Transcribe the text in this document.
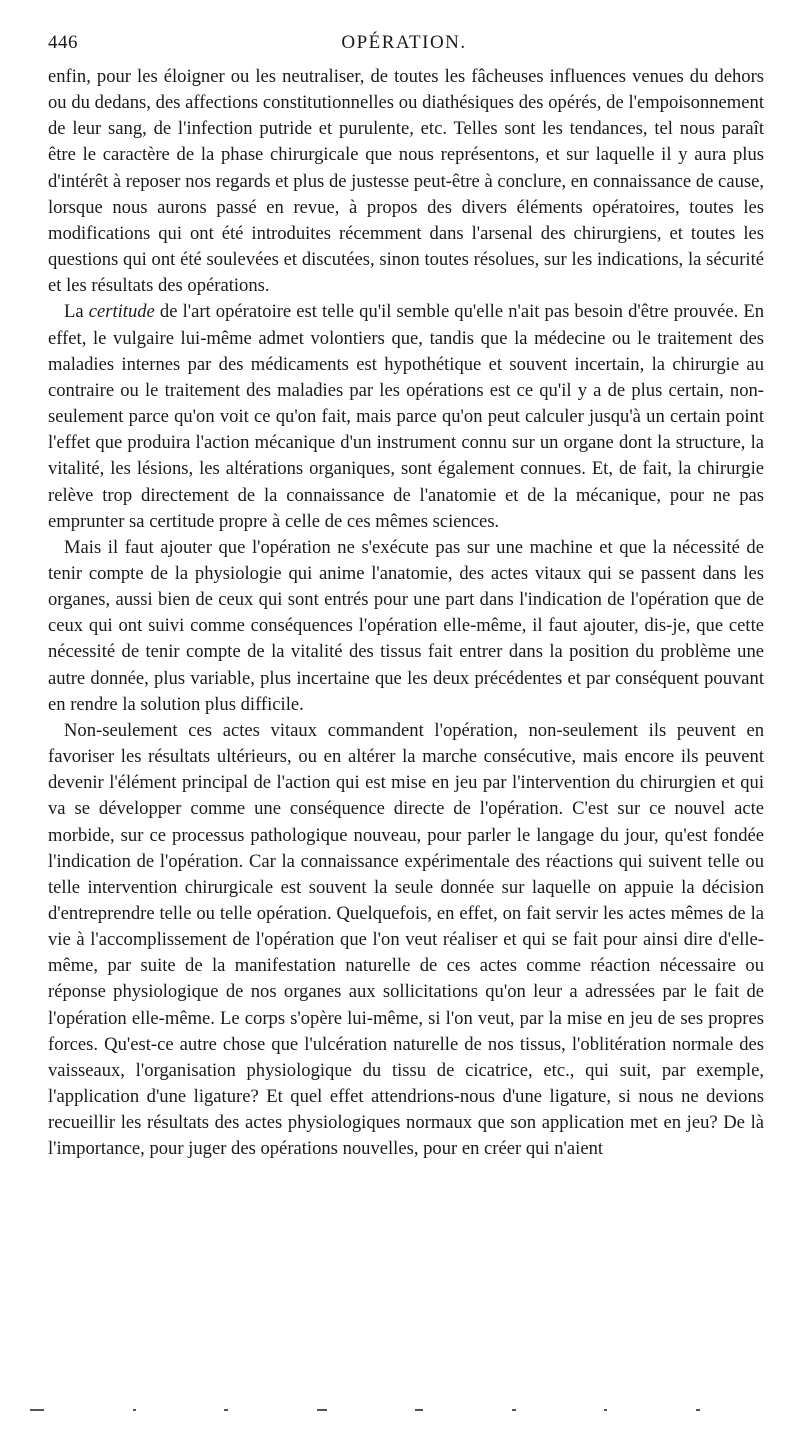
446	OPÉRATION.

enfin, pour les éloigner ou les neutraliser, de toutes les fâcheuses influences venues du dehors ou du dedans, des affections constitutionnelles ou diathésiques des opérés, de l'empoisonnement de leur sang, de l'infection putride et purulente, etc. Telles sont les tendances, tel nous paraît être le caractère de la phase chirurgicale que nous représentons, et sur laquelle il y aura plus d'intérêt à reposer nos regards et plus de justesse peut-être à conclure, en connaissance de cause, lorsque nous aurons passé en revue, à propos des divers éléments opératoires, toutes les modifications qui ont été introduites récemment dans l'arsenal des chirurgiens, et toutes les questions qui ont été soulevées et discutées, sinon toutes résolues, sur les indications, la sécurité et les résultats des opérations.

La certitude de l'art opératoire est telle qu'il semble qu'elle n'ait pas besoin d'être prouvée. En effet, le vulgaire lui-même admet volontiers que, tandis que la médecine ou le traitement des maladies internes par des médicaments est hypothétique et souvent incertain, la chirurgie au contraire ou le traitement des maladies par les opérations est ce qu'il y a de plus certain, non-seulement parce qu'on voit ce qu'on fait, mais parce qu'on peut calculer jusqu'à un certain point l'effet que produira l'action mécanique d'un instrument connu sur un organe dont la structure, la vitalité, les lésions, les altérations organiques, sont également connues. Et, de fait, la chirurgie relève trop directement de la connaissance de l'anatomie et de la mécanique, pour ne pas emprunter sa certitude propre à celle de ces mêmes sciences.

Mais il faut ajouter que l'opération ne s'exécute pas sur une machine et que la nécessité de tenir compte de la physiologie qui anime l'anatomie, des actes vitaux qui se passent dans les organes, aussi bien de ceux qui sont entrés pour une part dans l'indication de l'opération que de ceux qui ont suivi comme conséquences l'opération elle-même, il faut ajouter, dis-je, que cette nécessité de tenir compte de la vitalité des tissus fait entrer dans la position du problème une autre donnée, plus variable, plus incertaine que les deux précédentes et par conséquent pouvant en rendre la solution plus difficile.

Non-seulement ces actes vitaux commandent l'opération, non-seulement ils peuvent en favoriser les résultats ultérieurs, ou en altérer la marche consécutive, mais encore ils peuvent devenir l'élément principal de l'action qui est mise en jeu par l'intervention du chirurgien et qui va se développer comme une conséquence directe de l'opération. C'est sur ce nouvel acte morbide, sur ce processus pathologique nouveau, pour parler le langage du jour, qu'est fondée l'indication de l'opération. Car la connaissance expérimentale des réactions qui suivent telle ou telle intervention chirurgicale est souvent la seule donnée sur laquelle on appuie la décision d'entreprendre telle ou telle opération. Quelquefois, en effet, on fait servir les actes mêmes de la vie à l'accomplissement de l'opération que l'on veut réaliser et qui se fait pour ainsi dire d'elle-même, par suite de la manifestation naturelle de ces actes comme réaction nécessaire ou réponse physiologique de nos organes aux sollicitations qu'on leur a adressées par le fait de l'opération elle-même. Le corps s'opère lui-même, si l'on veut, par la mise en jeu de ses propres forces. Qu'est-ce autre chose que l'ulcération naturelle de nos tissus, l'oblitération normale des vaisseaux, l'organisation physiologique du tissu de cicatrice, etc., qui suit, par exemple, l'application d'une ligature? Et quel effet attendrions-nous d'une ligature, si nous ne devions recueillir les résultats des actes physiologiques normaux que son application met en jeu? De là l'importance, pour juger des opérations nouvelles, pour en créer qui n'aient
